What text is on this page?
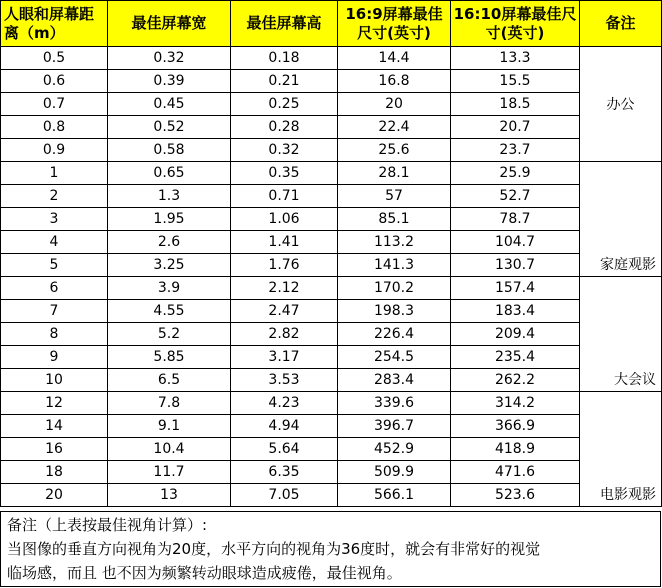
人眼和屏幕距离（m）	最佳屏幕宽	最佳屏幕高	16:9屏幕最佳尺寸(英寸)	16:10屏幕最佳尺寸(英寸)	备注
0.5	0.32	0.18	14.4	13.3	办公
0.6	0.39	0.21	16.8	15.5	
0.7	0.45	0.25	20	18.5	
0.8	0.52	0.28	22.4	20.7	
0.9	0.58	0.32	25.6	23.7	
1	0.65	0.35	28.1	25.9	家庭观影
2	1.3	0.71	57	52.7	
3	1.95	1.06	85.1	78.7	
4	2.6	1.41	113.2	104.7	
5	3.25	1.76	141.3	130.7	
6	3.9	2.12	170.2	157.4	大会议
7	4.55	2.47	198.3	183.4	
8	5.2	2.82	226.4	209.4	
9	5.85	3.17	254.5	235.4	
10	6.5	3.53	283.4	262.2	
12	7.8	4.23	339.6	314.2	电影观影
14	9.1	4.94	396.7	366.9	
16	10.4	5.64	452.9	418.9	
18	11.7	6.35	509.9	471.6	
20	13	7.05	566.1	523.6	
备注（上表按最佳视角计算）:
当图像的垂直方向视角为20度，水平方向的视角为36度时，就会有非常好的视觉
临场感，而且 也不因为频繁转动眼球造成疲倦，最佳视角。
